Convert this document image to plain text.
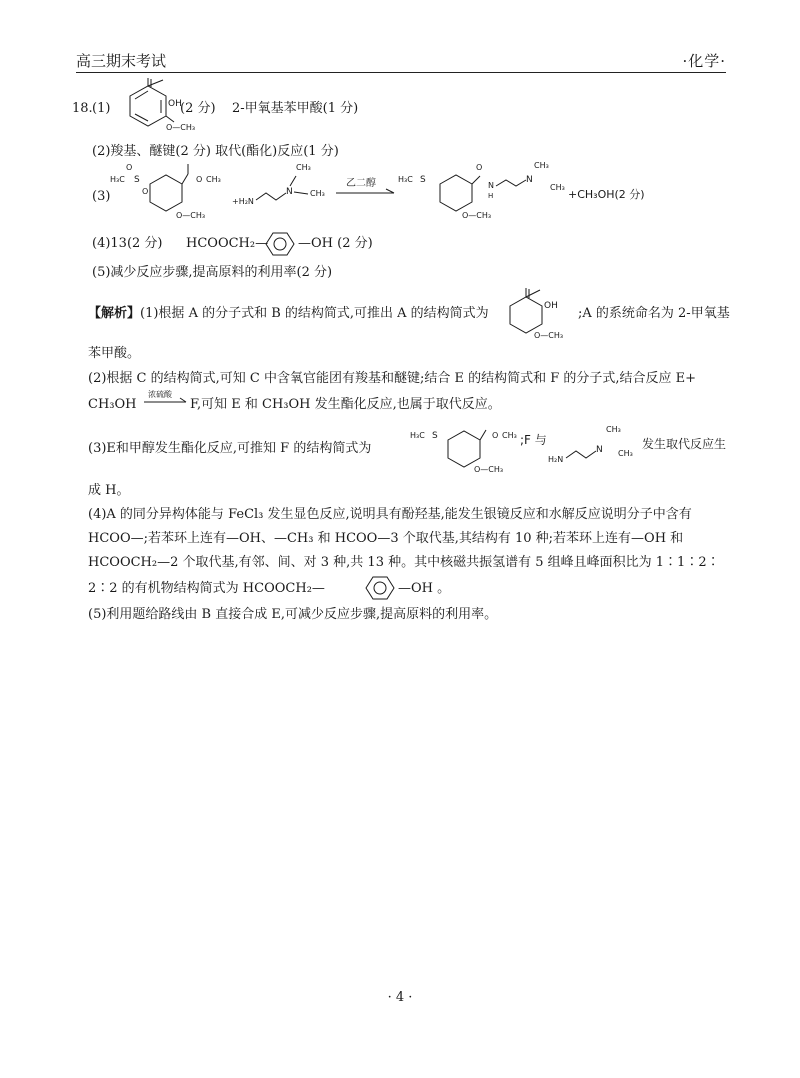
高三期末考试	·化学·
18. (1)	OH
O—CH₃
(2 分) 2-甲氧基苯甲酸(1 分)
(2)羧基、醚键(2 分) 取代(酯化)反应(1 分)
(3)
H₃C S
O
O
O CH₃
O—CH₃
+H₂N
N
CH₃
CH₃
乙二醇	H₃C S
O
N
H
N
CH₃
CH₃
O—CH₃
+CH₃OH(2 分)
(4)13(2 分) HCOOCH₂— —OH (2 分)
(5)减少反应步骤,提高原料的利用率(2 分)
【解析】(1)根据 A 的分子式和 B 的结构简式,可推出 A 的结构简式为	OH
O—CH₃
;A 的系统命名为 2-甲氧基
苯甲酸。
(2)根据 C 的结构简式,可知 C 中含氧官能团有羧基和醚键;结合 E 的结构简式和 F 的分子式,结合反应 E+
CH₃OH
浓硫酸
F,可知 E 和 CH₃OH 发生酯化反应,也属于取代反应。
(3)E和甲醇发生酯化反应,可推知 F 的结构简式为
H₃C S	O CH₃
O—CH₃
;F 与
H₂N
N
CH₃
CH₃
发生取代反应生
成 H。
(4)A 的同分异构体能与 FeCl₃ 发生显色反应,说明具有酚羟基,能发生银镜反应和水解反应说明分子中含有
HCOO—;若苯环上连有—OH、—CH₃ 和 HCOO—3 个取代基,其结构有 10 种;若苯环上连有—OH 和
HCOOCH₂—2 个取代基,有邻、间、对 3 种,共 13 种。其中核磁共振氢谱有 5 组峰且峰面积比为 1∶1∶2∶
2∶2 的有机物结构简式为 HCOOCH₂—	—OH 。
(5)利用题给路线由 B 直接合成 E,可减少反应步骤,提高原料的利用率。
· 4 ·
